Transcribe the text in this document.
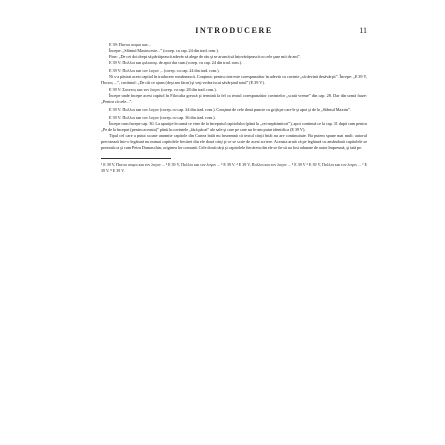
INTRODUCERE	11

Ε 39: Πιστοι σοφοι και...

Începe: „Sfântul Maxim este...” (corep. cu cap. 24 din trad. rom.).

Fine: „De cei doi drept să pârtăşească adevăr să alege de rău şi se aruncă să întovărăşească cu cele şase mii de ani”.

Ε 39 V: Πολλοι και φιλοσοφ. de apoi dar cum (corep. cu cap. 24 din trad. rom.).

Ε 39 V: Πολλοι και τον λογον ... (corep. cu cap. 24 din trad. rom.).

Ni s-a păstrat acest capitol în traducere românească. Conţinut: pentru cine este corespunzător în adevăr cu cuvinte „să devină desăvârşit”. Începe: „Ε 39 V, Πιστος ...”, cuvântul: „De cât ce ajuns (deşi am făcut) şi veţi vedea iscat săvârşind totul” (Ε 39 V).

Ε 39 V: Συνετος και τον λογον (corep. cu cap. 28 din trad. rom.).

Începe unde începe acest capitol în Filocalia greacă şi termină la fel ca textul corespunzător cuvintelor „scută vreme” din cap. 28. Dar din urmă fraze: „Pentru că cele...”.

Ε 39 V: Πολλοι και τον λογον (corep. cu cap. 24 din trad. rom.). Conţinut de cele două puncte cu grijă pe care le şi apoi şi de la „Sfântul Maxim”.

Ε 39 V: Πολλοι και τον λογον (corep. cu cap. 36 din trad. rom.).

Începe cum începe cap. 30. La apariţie în urmă ce vine de la începutul capitolului (până la „cei nepătimitori”), apoi continuă ce la cap. 31 după cum pentru „Pe de la început (pentru aceasta)” până la cuvintele „fără păcat” ale sale şi care pe care nu le-am putut identifica (Ε 39 V).

Tipul cel care a putut scoate anumite capitole din Cartea întâi nu înseamnă că textul cărţii întâi nu are continuitate. Ba putem spune mai mult: autorul precizează într-o legătură nu numai capitolele fiecărei din ele două cărţi şi ce se scrie de acest scriere. Aceasta arată că pe legătură cu amândouă capitolele se prezintă ca şi cum Petru Damaschin, originea lor comună. Cele două cărţi şi capitolele fiecăreia din ele se fie să au fost adunate de autor împreună, şi iată pe.

¹ Ε 39 V, Πιστοι σοφοι και τον λογον ... ² Ε 39 V, Πολλοι και τον λογον ... ³ Ε 39 V. ⁴ Ε 39 V, Πολλοι και τον λογον ... ⁵ Ε 39 V ⁶ Ε 39 V, Πολλοι και τον λογον ... ⁷ Ε 39 V. ⁸ Ε 39 V.
